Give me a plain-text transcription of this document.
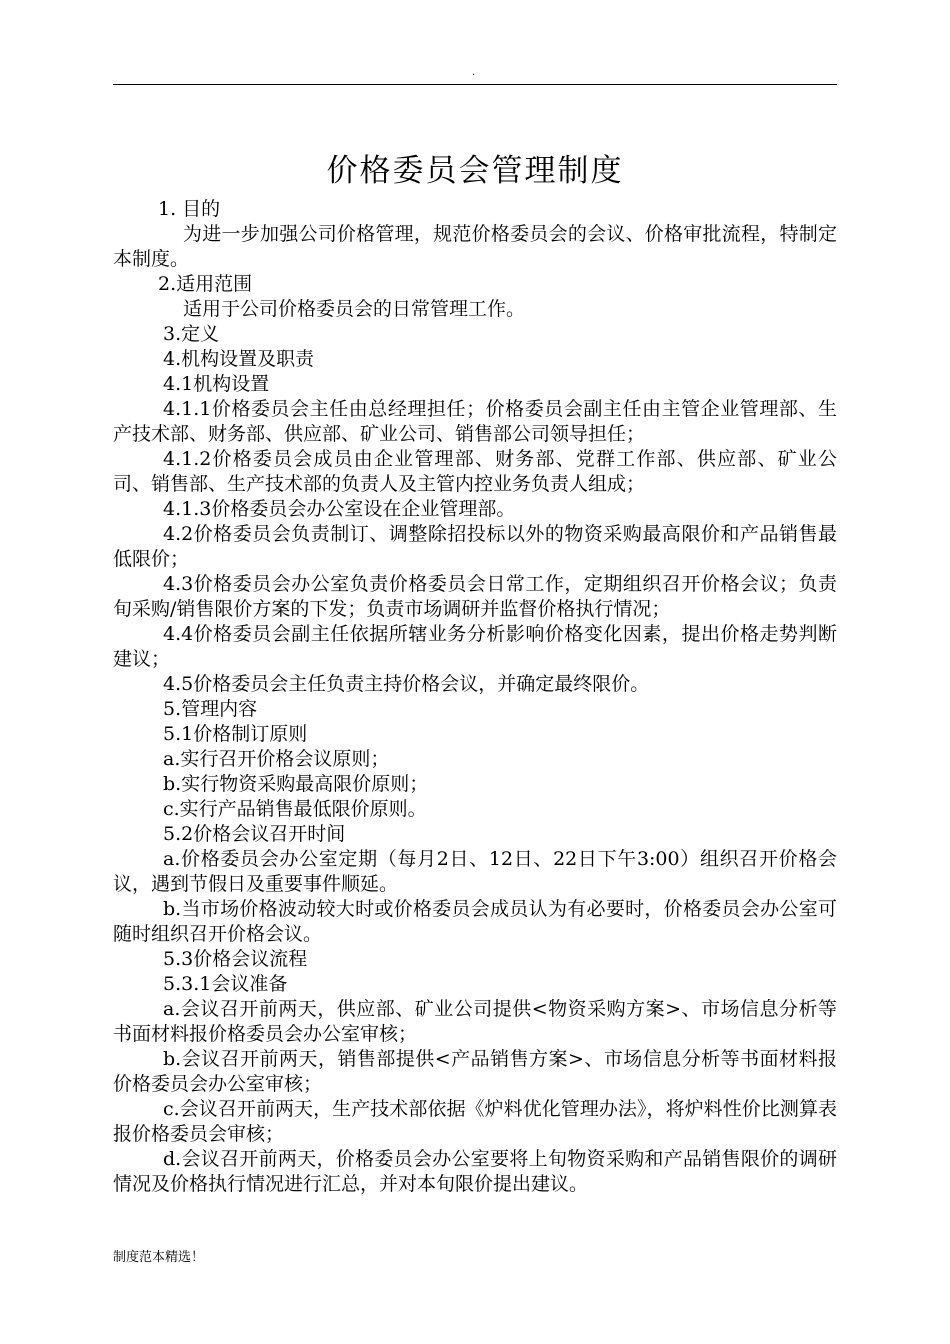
.
价格委员会管理制度

1. 目的

为进一步加强公司价格管理，规范价格委员会的会议、价格审批流程，特制定本制度。

2.适用范围

适用于公司价格委员会的日常管理工作。

3.定义

4.机构设置及职责

4.1机构设置

4.1.1价格委员会主任由总经理担任；价格委员会副主任由主管企业管理部、生产技术部、财务部、供应部、矿业公司、销售部公司领导担任；

4.1.2价格委员会成员由企业管理部、财务部、党群工作部、供应部、矿业公司、销售部、生产技术部的负责人及主管内控业务负责人组成；

4.1.3价格委员会办公室设在企业管理部。

4.2价格委员会负责制订、调整除招投标以外的物资采购最高限价和产品销售最低限价；

4.3价格委员会办公室负责价格委员会日常工作，定期组织召开价格会议；负责旬采购/销售限价方案的下发；负责市场调研并监督价格执行情况；

4.4价格委员会副主任依据所辖业务分析影响价格变化因素，提出价格走势判断建议；

4.5价格委员会主任负责主持价格会议，并确定最终限价。

5.管理内容

5.1价格制订原则

a.实行召开价格会议原则；

b.实行物资采购最高限价原则；

c.实行产品销售最低限价原则。

5.2价格会议召开时间

a.价格委员会办公室定期（每月2日、12日、22日下午3:00）组织召开价格会议，遇到节假日及重要事件顺延。

b.当市场价格波动较大时或价格委员会成员认为有必要时，价格委员会办公室可随时组织召开价格会议。

5.3价格会议流程

5.3.1会议准备

a.会议召开前两天，供应部、矿业公司提供<物资采购方案>、市场信息分析等书面材料报价格委员会办公室审核；

b.会议召开前两天，销售部提供<产品销售方案>、市场信息分析等书面材料报价格委员会办公室审核；

c.会议召开前两天，生产技术部依据《炉料优化管理办法》，将炉料性价比测算表报价格委员会审核；

d.会议召开前两天，价格委员会办公室要将上旬物资采购和产品销售限价的调研情况及价格执行情况进行汇总，并对本旬限价提出建议。

制度范本精选！
